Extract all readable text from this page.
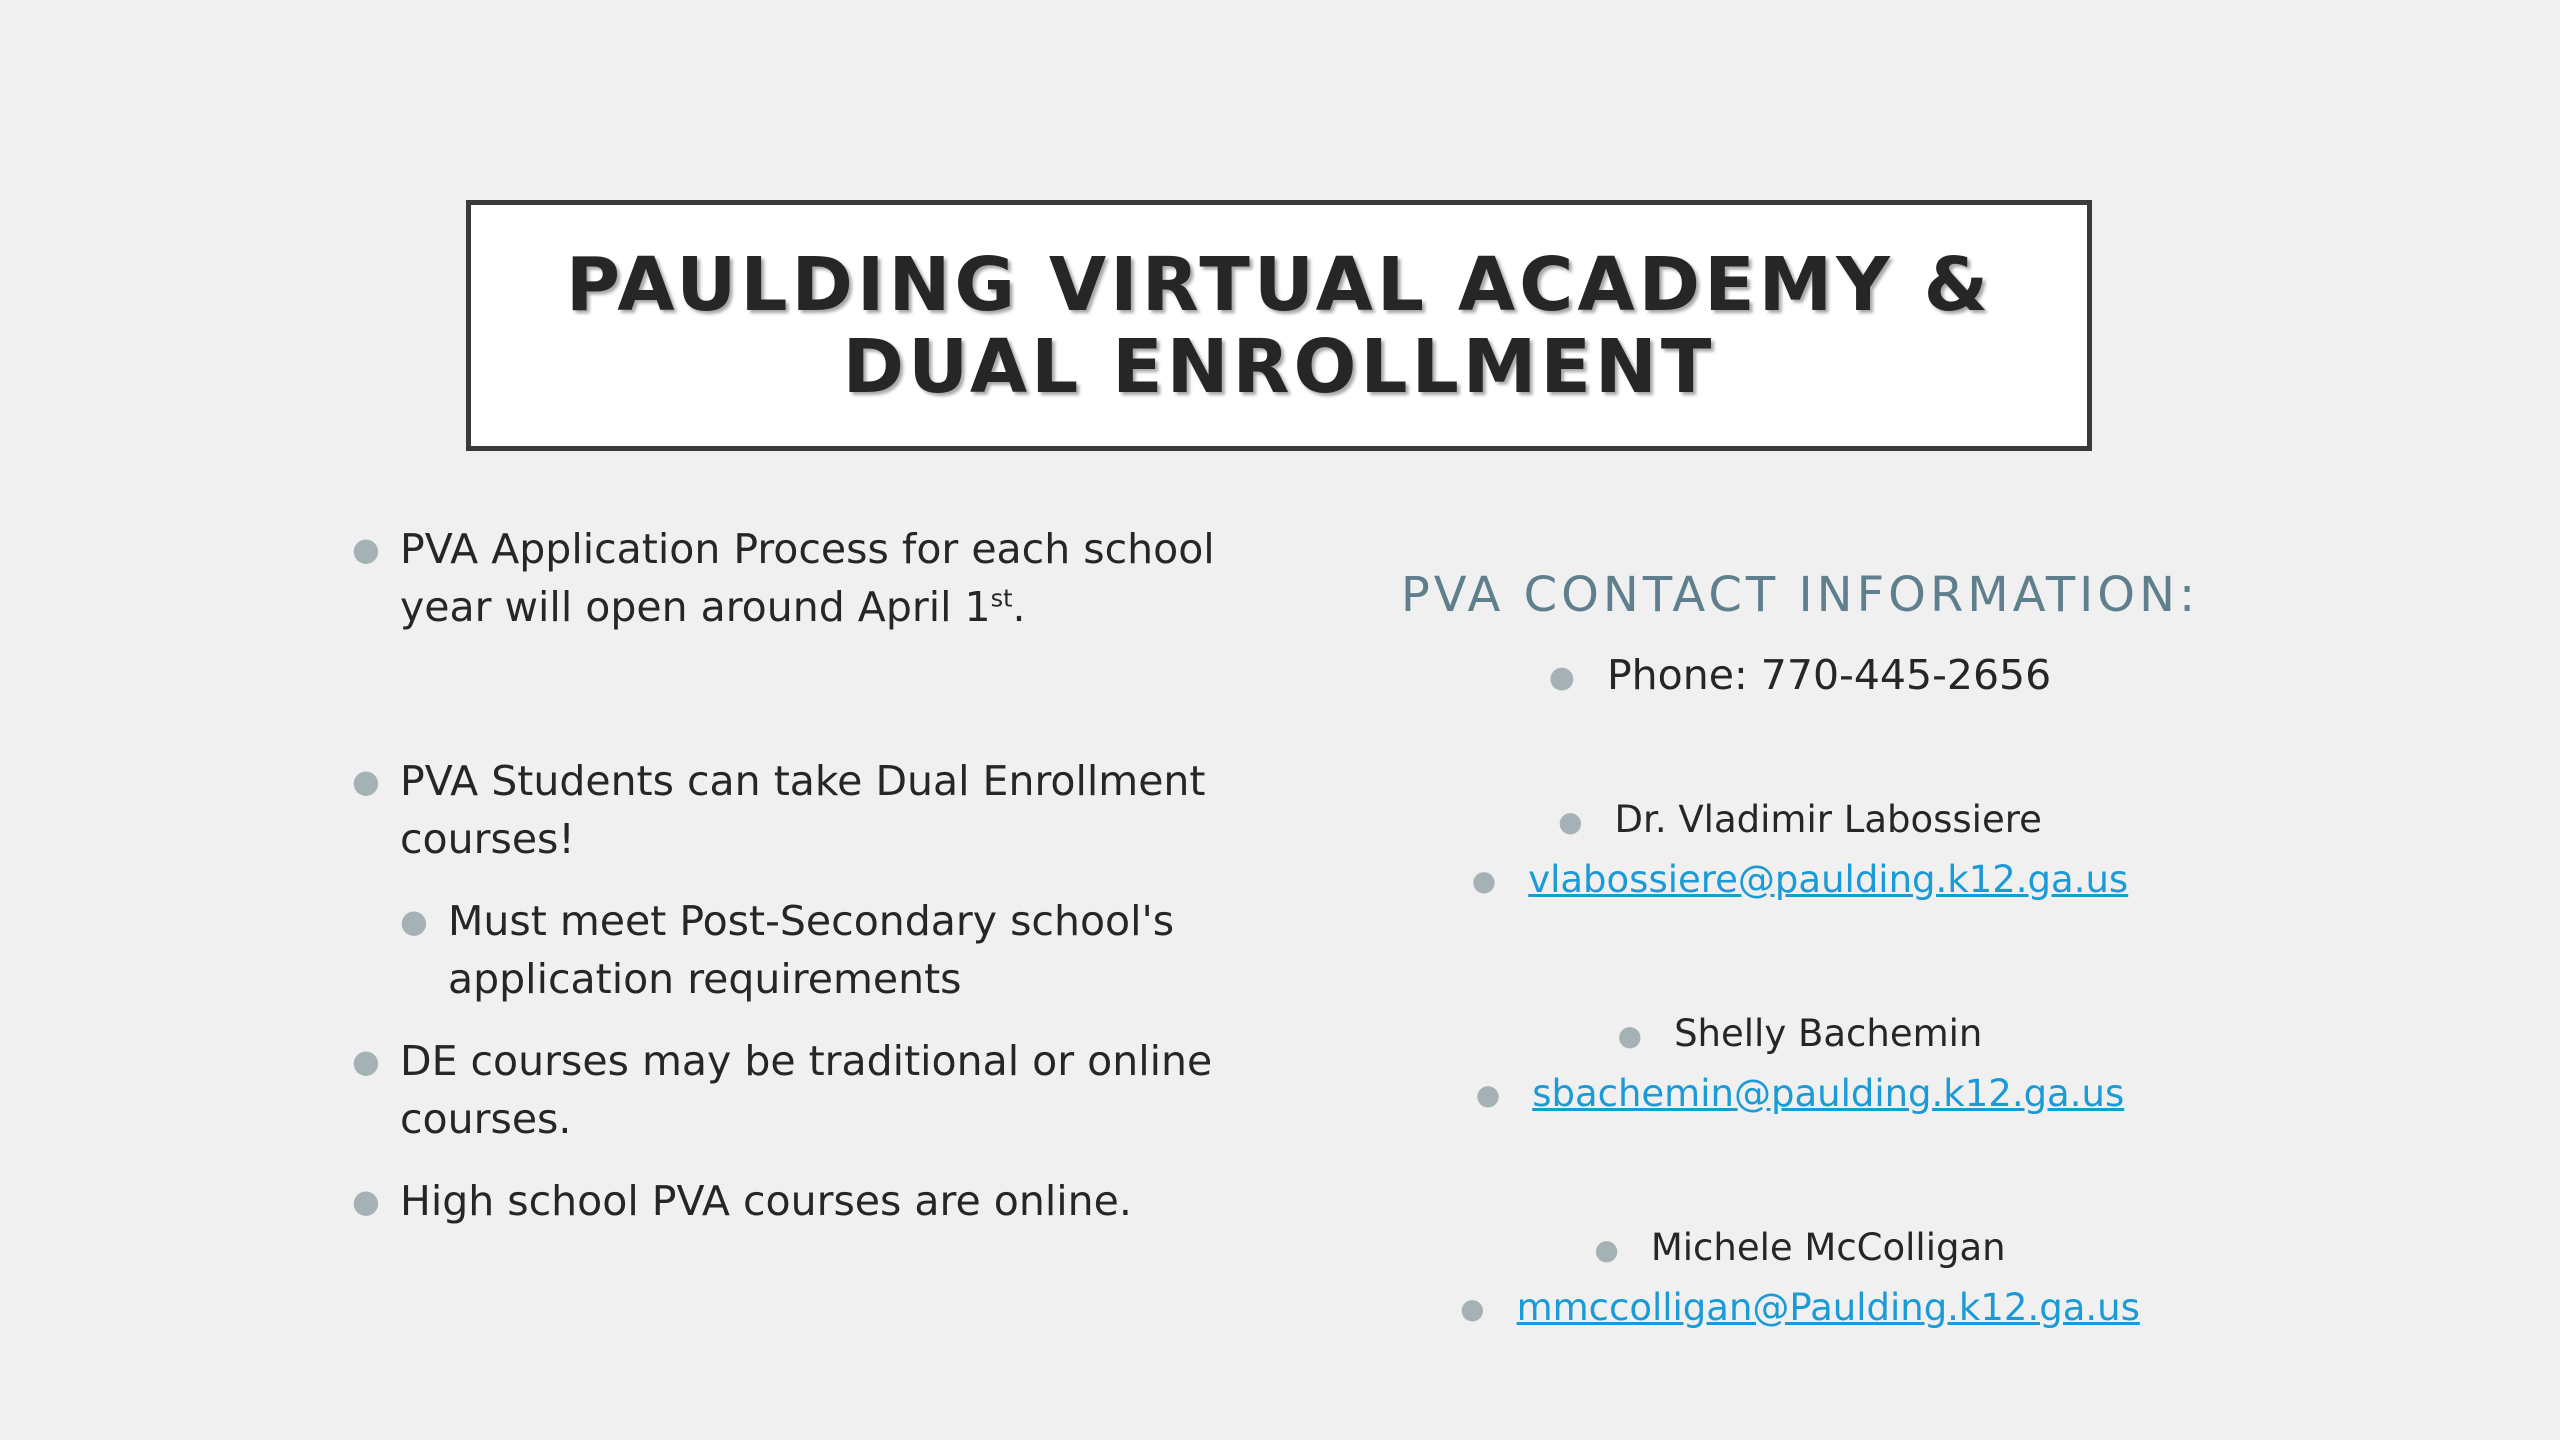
PAULDING VIRTUAL ACADEMY &
DUAL ENROLLMENT
● PVA Application Process for each school
year will open around April 1st.
● PVA Students can take Dual Enrollment
courses!
● Must meet Post-Secondary school's
application requirements
● DE courses may be traditional or online
courses.
● High school PVA courses are online.
PVA CONTACT INFORMATION:
● Phone: 770-445-2656
● Dr. Vladimir Labossiere
● vlabossiere@paulding.k12.ga.us
● Shelly Bachemin
● sbachemin@paulding.k12.ga.us
● Michele McColligan
● mmccolligan@Paulding.k12.ga.us
